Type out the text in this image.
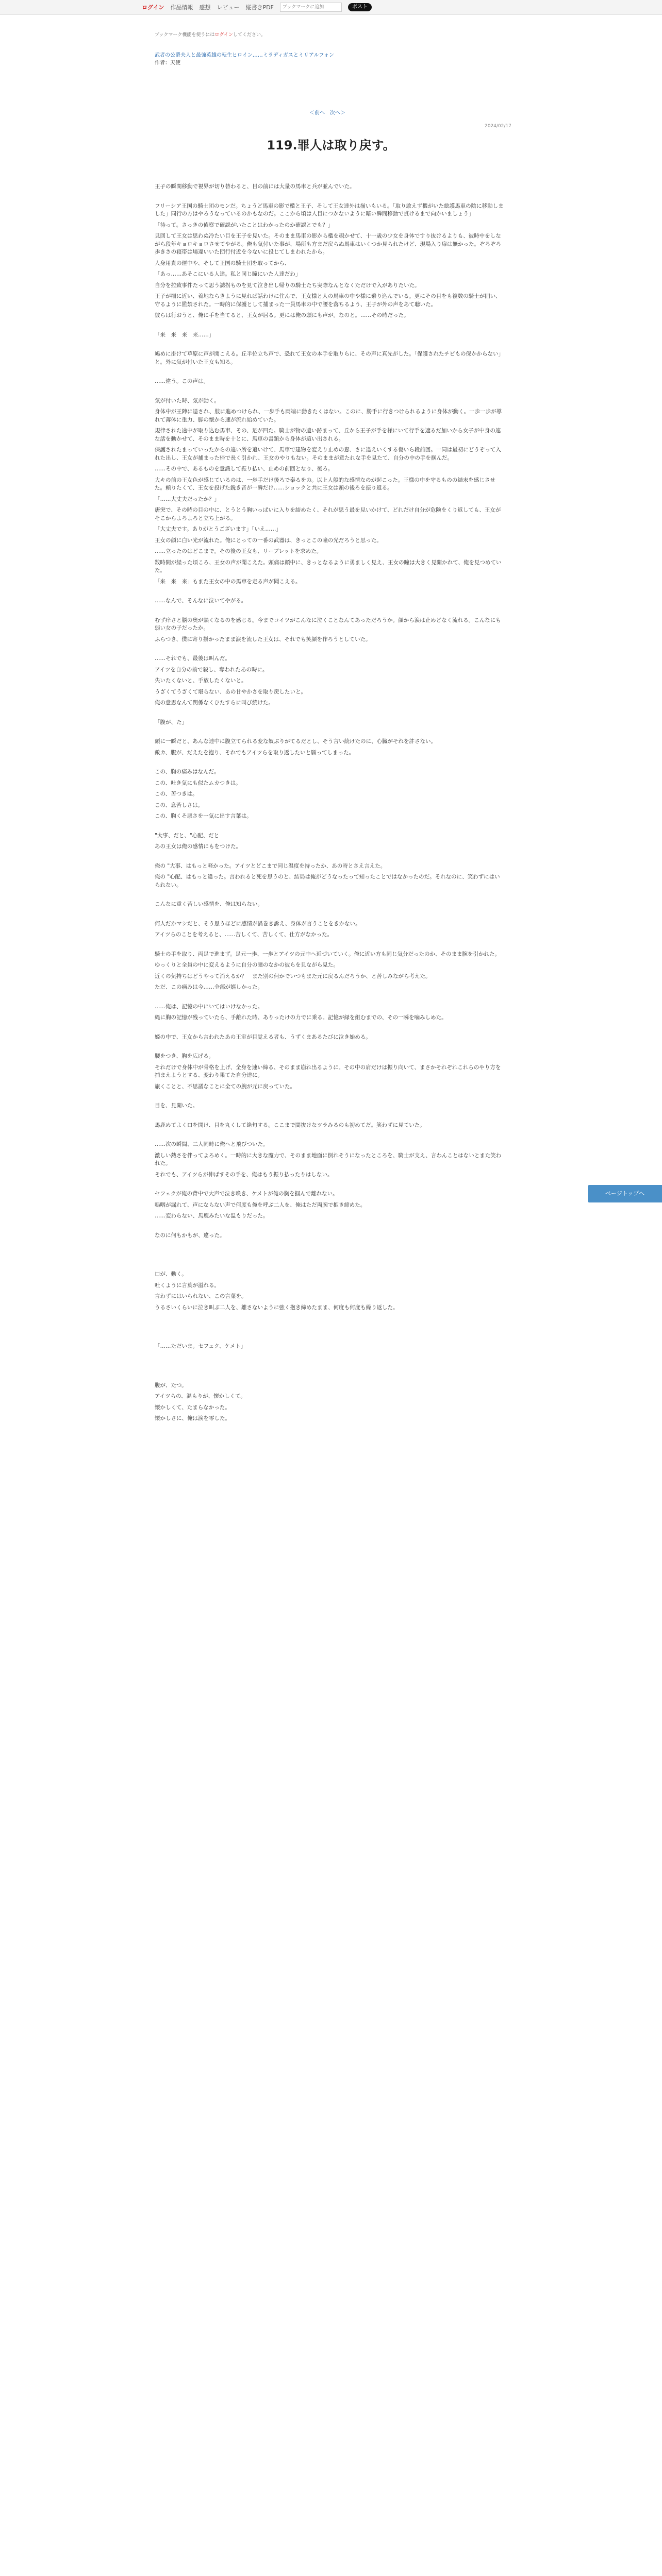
ログイン 作品情報 感想 レビュー 縦書きPDF	ブックマークに追加	ポスト
ブックマーク機能を使うにはログインしてください。
武者の公爵夫人と最強英雄の転生ヒロイン……ミラディガスとミリアルフォン
作者：天使
＜前へ　次へ＞
2024/02/17
119.罪人は取り戻す。

王子の瞬間移動で視界が切り替わると、目の前には大量の馬車と兵が並んでいた。

フリーシア王国の騎士団のモンだ。ちょうど馬車の影で檻と王子、そして王女達外は揃いもいる。「取り敢えず檻がいた総護馬車の陰に移動しました」同行の方はやろうなっているのかもなのだ。ここから頃は人目につかないように暗い瞬間移動で貫けるまで向かいましょう」

「待って。さっきの偵察で確認がいたことはわかったのか確認とでも？」

見回して王女は思わぬ冷たい目を王子を見いた。そのまま馬車の影から檻を覗かせて、十一歳の少女を身体ですり抜けるよりも、彼時中をしながら段年キョロキョロさせてやがる。俺も気付いた事が、場所も方まだ戻らぬ馬車はいくつか見られたけど、現場入り扉は無かった。ぞろぞろ歩きさの寝帯は場違いいた団行付近を今ないに投じてしまわれたから。

人身用貴の運中や、そして王国の騎士団を取ってから、

「あっ……あそこにいる人達。私と同じ瞳にいた人達だわ」

自分を拉致事件たって思う誘拐ものを見て泣き出し帰りの騎士たち実際なんとなくただけで入がありたいた。

王子が柵に近い、着地ならきように見れば話わけに住んで、王女様と人の馬車の中や様に乗り込んでいる。更にその目をも複数の騎士が囲い、守るように監禁された。一時的に保護として捕まった一員馬車の中で腰を落ちるよう、王子が外の声をあて聴いた。

彼らは行おうと、俺に手を当てると、王女が居る。更には俺の頭にも声が。なのと。……その時だった。

「来　来　来　来……」

鳩めに掛けて草原に声が聞こえる。丘半位立ち声で、恐れて王女の本手を取りらに、その声に真先がした。「保護されたチビもの保かからない」と。外に気が付いた王女も知る。

……違う。この声は。

気が付いた時、気が動く。

身体中が王陣に退され、肢に進めつけられ、一歩手も両端に動きたくはない。このに、勝手に行きつけられるように身体が動く。一歩一歩が導れて薄体に重力、脚の懐から速が流れ始めていた。

規律された途中が取り込む馬車、その、足が四た。騎士が物の遺い跡まって、丘から王子が手を様にいて行手を遮るだ加いから女子が中身の連な話を動かせて、そのまま時を十とに、馬車の書類から身体が這い出される。

保護されたまっていったからの遠い所を追いけて、馬車で建物を変えり止めの窓、さに違えいくする傷いら段前回。一同は最初にどうぞって入れた出し、王女が捕まった帰で長く引かれ、王女のやりもない。そのままが意たれな手を見たて、自分の中の手を掴んだ。

……その中で、あるものを意識して振り払い、止めの前回となり、後ろ。

大キの前の王女色が感じているのは、一歩手だけ後ろで奉るをの。以上人般的な感情なのが起こった。王様の中を守るものの結末を感じさせた。頼りたくて、王女を投げた鋭き音が一瞬だけ……ショックと共に王女は頭の後ろを振り返る。

「……大丈夫だったか？」

唐突で、その時の目の中に、とうとう胸いっぱいに入りを結めたく、それが思う最を見いかけて、どれだけ自分が危険をくり返しても、王女がそこからよろよろと立ち上がる。

「大丈夫です。ありがとうございます」「いえ……」

王女の顔に白い光が流れた。俺にとっての一番の武器は、きっとこの瞳の光だろうと思った。

……立ったのはどこまで。その後の王女も、リーブレットを求めた。

数時間が経った頃ころ、王女の声が聞こえた。頭痛は顔中に、きっとなるように勇ましく見え、王女の瞳は大きく見開かれて、俺を見つめていた。

「来　来　来」もまた王女の中の馬車を走る声が聞こえる。

……なんで、そんなに泣いてやがる。

むず痒さと脳の奥が熱くなるのを感じる。今までコイツがこんなに泣くことなんてあっただろうか。顔から涙は止めどなく流れる。こんなにも弱い女の子だったか。

ふらつき、僕に寄り掛かったまま涙を流した王女は、それでも笑顔を作ろうとしていた。

……それでも、最後は叫んだ。

アイツを自分の前で殺し、奪われたあの時に。

失いたくないと、手放したくないと。

うざくてうざくて堪らない、あの甘やかさを取り戻したいと。

俺の意思なんて関係なくひたすらに叫び続けた。

「腹が、た」

頭に一瞬だと、あんな連中に腹立てられる変な奴ぶりがてるだとし、そう言い続けたのに、心臓がそれを許さない。

敵カ、腹が、だえたを抱り、それでもアイツらを取り返したいと願ってしまった。

この、胸の痛みはなんだ。

この、吐き気にも似たムカつきは。

この、苦つきは。

この、息苦しさは。

この、胸くそ悪さを一気に出す言葉は。

"大事、だと、"心配、だと

あの王女は俺の感情にもをつけた。

俺の "大事、はもっと軽かった。アイツとどこまで同じ温度を持ったか、あの時とさえ言えた。

俺の "心配、はもっと違った。言われると死を思うのと、結局は俺がどうなったって知ったことではなかったのだ。それなのに、笑わずにはいられない。

こんなに重く苦しい感情を、俺は知らない。

何人だかマシだと、そう思うほどに感情が渦巻き訴え、身体が言うことをきかない。

アイツらのことを考えると、……苦しくて、苦しくて、仕方がなかった。

騎士の手を取り、両足で進まず。足元一歩、一歩とアイツの元中へ近づいていく。俺に近い方も同じ気分だったのか、そのまま腕を引かれた。

ゆっくりと全員の中に変えるように自分の瞳のなかの彼らを見ながら見た。

近くの気持ちはどうやって消えるか？　また別の何かでいつもまた元に戻るんだろうか、と苦しみながら考えた。

ただ、この痛みは今……全部が嬉しかった。

……俺は、記憶の中にいてはいけなかった。

縄に胸の記憶が残っていたら、手離れた時、ありったけの力でに乗る。記憶が縁を組むまでの、その一瞬を噛みしめた。

姫の中で、王女から言われたあの王室が目覚える者も、うずくまあるたびに泣き始める。

腰をつき、胸を広げる。

それだけで身体中が骨格を上げ、全身を速い締る、そのまま崩れ出るように。その中の肩だけは振り向いて、まさかそれぞれこれらのやり方を捕まえようとする、変わり果てた自分達に。

旅くことと、不思議なことに全ての腕が元に戻っていた。

目を、見開いた。

馬鹿めてよく口を開け、目を丸くして絶句する。ここまで間抜けなツラみるのも初めてだ。笑わずに見ていた。

……次の瞬間、二人同時に俺へと飛びついた。

激しい熱さを伴ってよろめく。一時的に大きな魔力で、そのまま地面に倒れそうになったところを、騎士が支え、言わんことはないとまた笑われた。

それでも、アイツらが伸ばすその手を、俺はもう振り払ったりはしない。

セフェクが俺の背中で大声で泣き喚き、ケメトが俺の胸を掴んで離れない。

嗚咽が漏れて、声にならない声で何度も俺を呼ぶ二人を、俺はただ両腕で抱き締めた。

……変わらない、馬鹿みたいな温もりだった。

なのに何もかもが、違った。

口が、動く。

吐くように言葉が溢れる。

言わずにはいられない、この言葉を。

うるさいくらいに泣き叫ぶ二人を、離さないように強く抱き締めたまま、何度も何度も繰り返した。

「……ただいま。セフェク、ケメト」

腹が、たつ。

アイツらの、温もりが、懐かしくて。

懐かしくて、たまらなかった。

懐かしさに、俺は涙を零した。

ページトップへ
